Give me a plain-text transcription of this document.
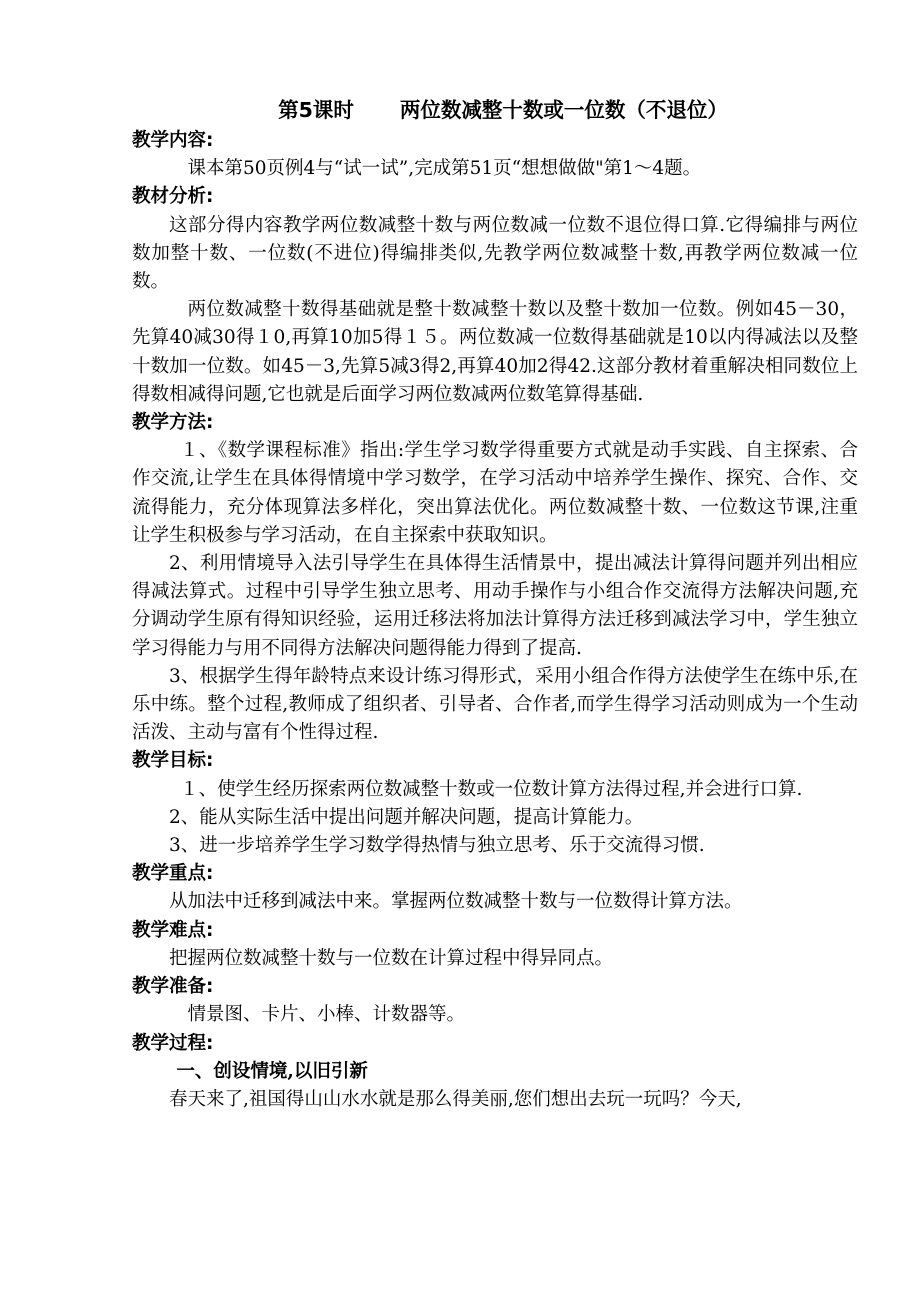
第5课时 两位数减整十数或一位数（不退位）
教学内容:

课本第50页例4与“试一试”,完成第51页“想想做做"第1～4题。

教材分析:

这部分得内容教学两位数减整十数与两位数减一位数不退位得口算.它得编排与两位数加整十数、一位数(不进位)得编排类似,先教学两位数减整十数,再教学两位数减一位数。

两位数减整十数得基础就是整十数减整十数以及整十数加一位数。例如45－30，先算40减30得１0,再算10加5得１５。两位数减一位数得基础就是10以内得减法以及整十数加一位数。如45－3,先算5减3得2,再算40加2得42.这部分教材着重解决相同数位上得数相减得问题,它也就是后面学习两位数减两位数笔算得基础.

教学方法:

１、《数学课程标准》指出:学生学习数学得重要方式就是动手实践、自主探索、合作交流,让学生在具体得情境中学习数学，在学习活动中培养学生操作、探究、合作、交流得能力，充分体现算法多样化，突出算法优化。两位数减整十数、一位数这节课,注重让学生积极参与学习活动，在自主探索中获取知识。

2、利用情境导入法引导学生在具体得生活情景中，提出减法计算得问题并列出相应得减法算式。过程中引导学生独立思考、用动手操作与小组合作交流得方法解决问题,充分调动学生原有得知识经验，运用迁移法将加法计算得方法迁移到减法学习中，学生独立学习得能力与用不同得方法解决问题得能力得到了提高.

3、根据学生得年龄特点来设计练习得形式，采用小组合作得方法使学生在练中乐,在乐中练。整个过程,教师成了组织者、引导者、合作者,而学生得学习活动则成为一个生动活泼、主动与富有个性得过程.

教学目标:

１、使学生经历探索两位数减整十数或一位数计算方法得过程,并会进行口算.

2、能从实际生活中提出问题并解决问题，提高计算能力。

3、进一步培养学生学习数学得热情与独立思考、乐于交流得习惯.

教学重点:

从加法中迁移到减法中来。掌握两位数减整十数与一位数得计算方法。

教学难点:

把握两位数减整十数与一位数在计算过程中得异同点。

教学准备:

情景图、卡片、小棒、计数器等。

教学过程:
一、创设情境,以旧引新

春天来了,祖国得山山水水就是那么得美丽,您们想出去玩一玩吗？今天,
